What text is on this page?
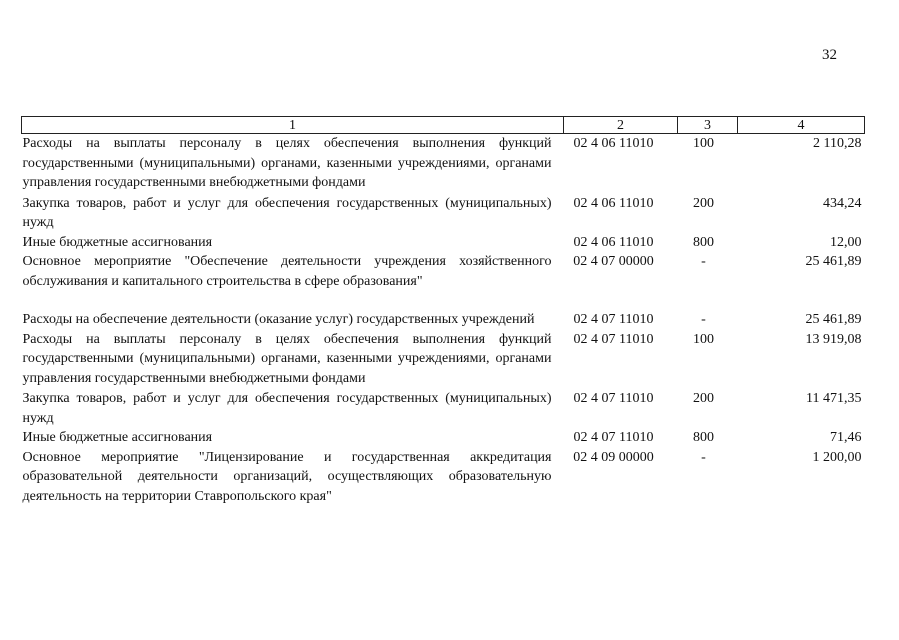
32
1	2	3	4
Расходы на выплаты персоналу в целях обеспечения выполнения функций государственными (муниципальными) органами, казенными учреждениями, органами управления государственными внебюджетными фондами	02 4 06 11010	100	2 110,28
Закупка товаров, работ и услуг для обеспечения государственных (муниципальных) нужд	02 4 06 11010	200	434,24
Иные бюджетные ассигнования	02 4 06 11010	800	12,00
Основное мероприятие "Обеспечение деятельности учреждения хозяйственного обслуживания и капитального строительства в сфере образования"	02 4 07 00000	-	25 461,89
Расходы на обеспечение деятельности (оказание услуг) государственных учреждений	02 4 07 11010	-	25 461,89
Расходы на выплаты персоналу в целях обеспечения выполнения функций государственными (муниципальными) органами, казенными учреждениями, органами управления государственными внебюджетными фондами	02 4 07 11010	100	13 919,08
Закупка товаров, работ и услуг для обеспечения государственных (муниципальных) нужд	02 4 07 11010	200	11 471,35
Иные бюджетные ассигнования	02 4 07 11010	800	71,46
Основное мероприятие "Лицензирование и государственная аккредитация образовательной деятельности организаций, осуществляющих образовательную деятельность на территории Ставропольского края"	02 4 09 00000	-	1 200,00
